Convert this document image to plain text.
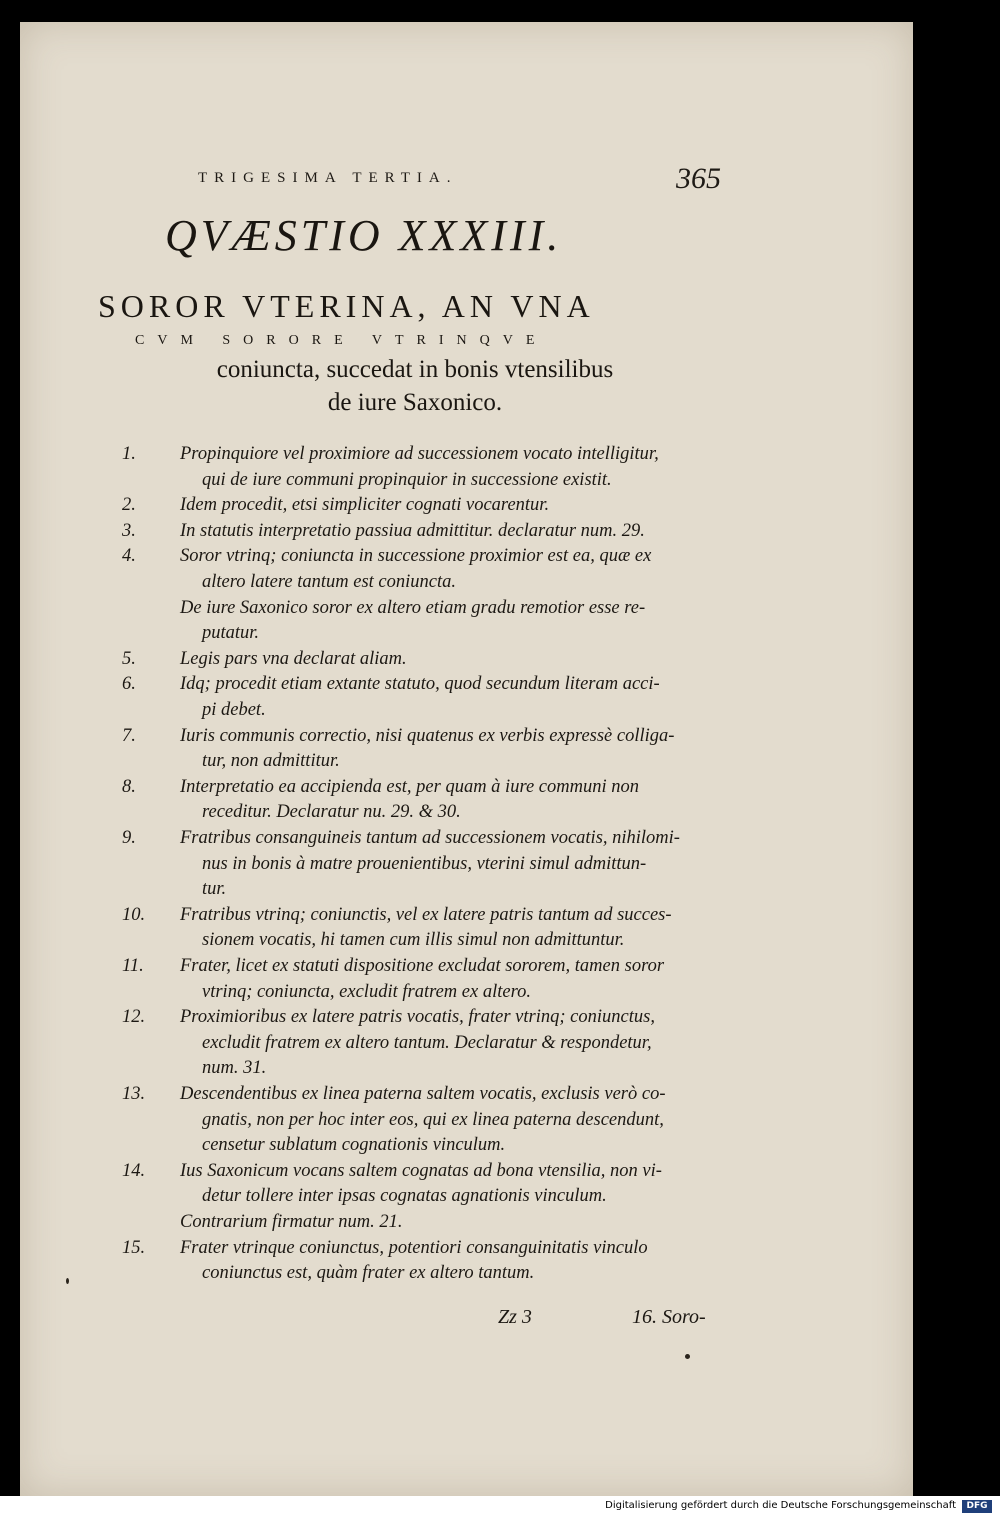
TRIGESIMA TERTIA.	365
QVÆSTIO XXXIII.
SOROR VTERINA, AN VNA
CVM SORORE VTRINQVE
coniuncta, succedat in bonis vtensilibus
de iure Saxonico.
1.	Propinquiore vel proximiore ad successionem vocato intelligitur,
qui de iure communi propinquior in successione existit.
2.	Idem procedit, etsi simpliciter cognati vocarentur.
3.	In statutis interpretatio passiua admittitur. declaratur num. 29.
4.	Soror vtrinq; coniuncta in successione proximior est ea, quæ ex
altero latere tantum est coniuncta.
De iure Saxonico soror ex altero etiam gradu remotior esse re-
putatur.
5.	Legis pars vna declarat aliam.
6.	Idq; procedit etiam extante statuto, quod secundum literam acci-
pi debet.
7.	Iuris communis correctio, nisi quatenus ex verbis expressè colliga-
tur, non admittitur.
8.	Interpretatio ea accipienda est, per quam à iure communi non
receditur. Declaratur nu. 29. & 30.
9.	Fratribus consanguineis tantum ad successionem vocatis, nihilomi-
nus in bonis à matre prouenientibus, vterini simul admittun-
tur.
10.	Fratribus vtrinq; coniunctis, vel ex latere patris tantum ad succes-
sionem vocatis, hi tamen cum illis simul non admittuntur.
11.	Frater, licet ex statuti dispositione excludat sororem, tamen soror
vtrinq; coniuncta, excludit fratrem ex altero.
12.	Proximioribus ex latere patris vocatis, frater vtrinq; coniunctus,
excludit fratrem ex altero tantum. Declaratur & respondetur,
num. 31.
13.	Descendentibus ex linea paterna saltem vocatis, exclusis verò co-
gnatis, non per hoc inter eos, qui ex linea paterna descendunt,
censetur sublatum cognationis vinculum.
14.	Ius Saxonicum vocans saltem cognatas ad bona vtensilia, non vi-
detur tollere inter ipsas cognatas agnationis vinculum.
Contrarium firmatur num. 21.
15.	Frater vtrinque coniunctus, potentiori consanguinitatis vinculo
coniunctus est, quàm frater ex altero tantum.
Zz 3	16. Soro-
Digitalisierung gefördert durch die Deutsche Forschungsgemeinschaft	DFG
